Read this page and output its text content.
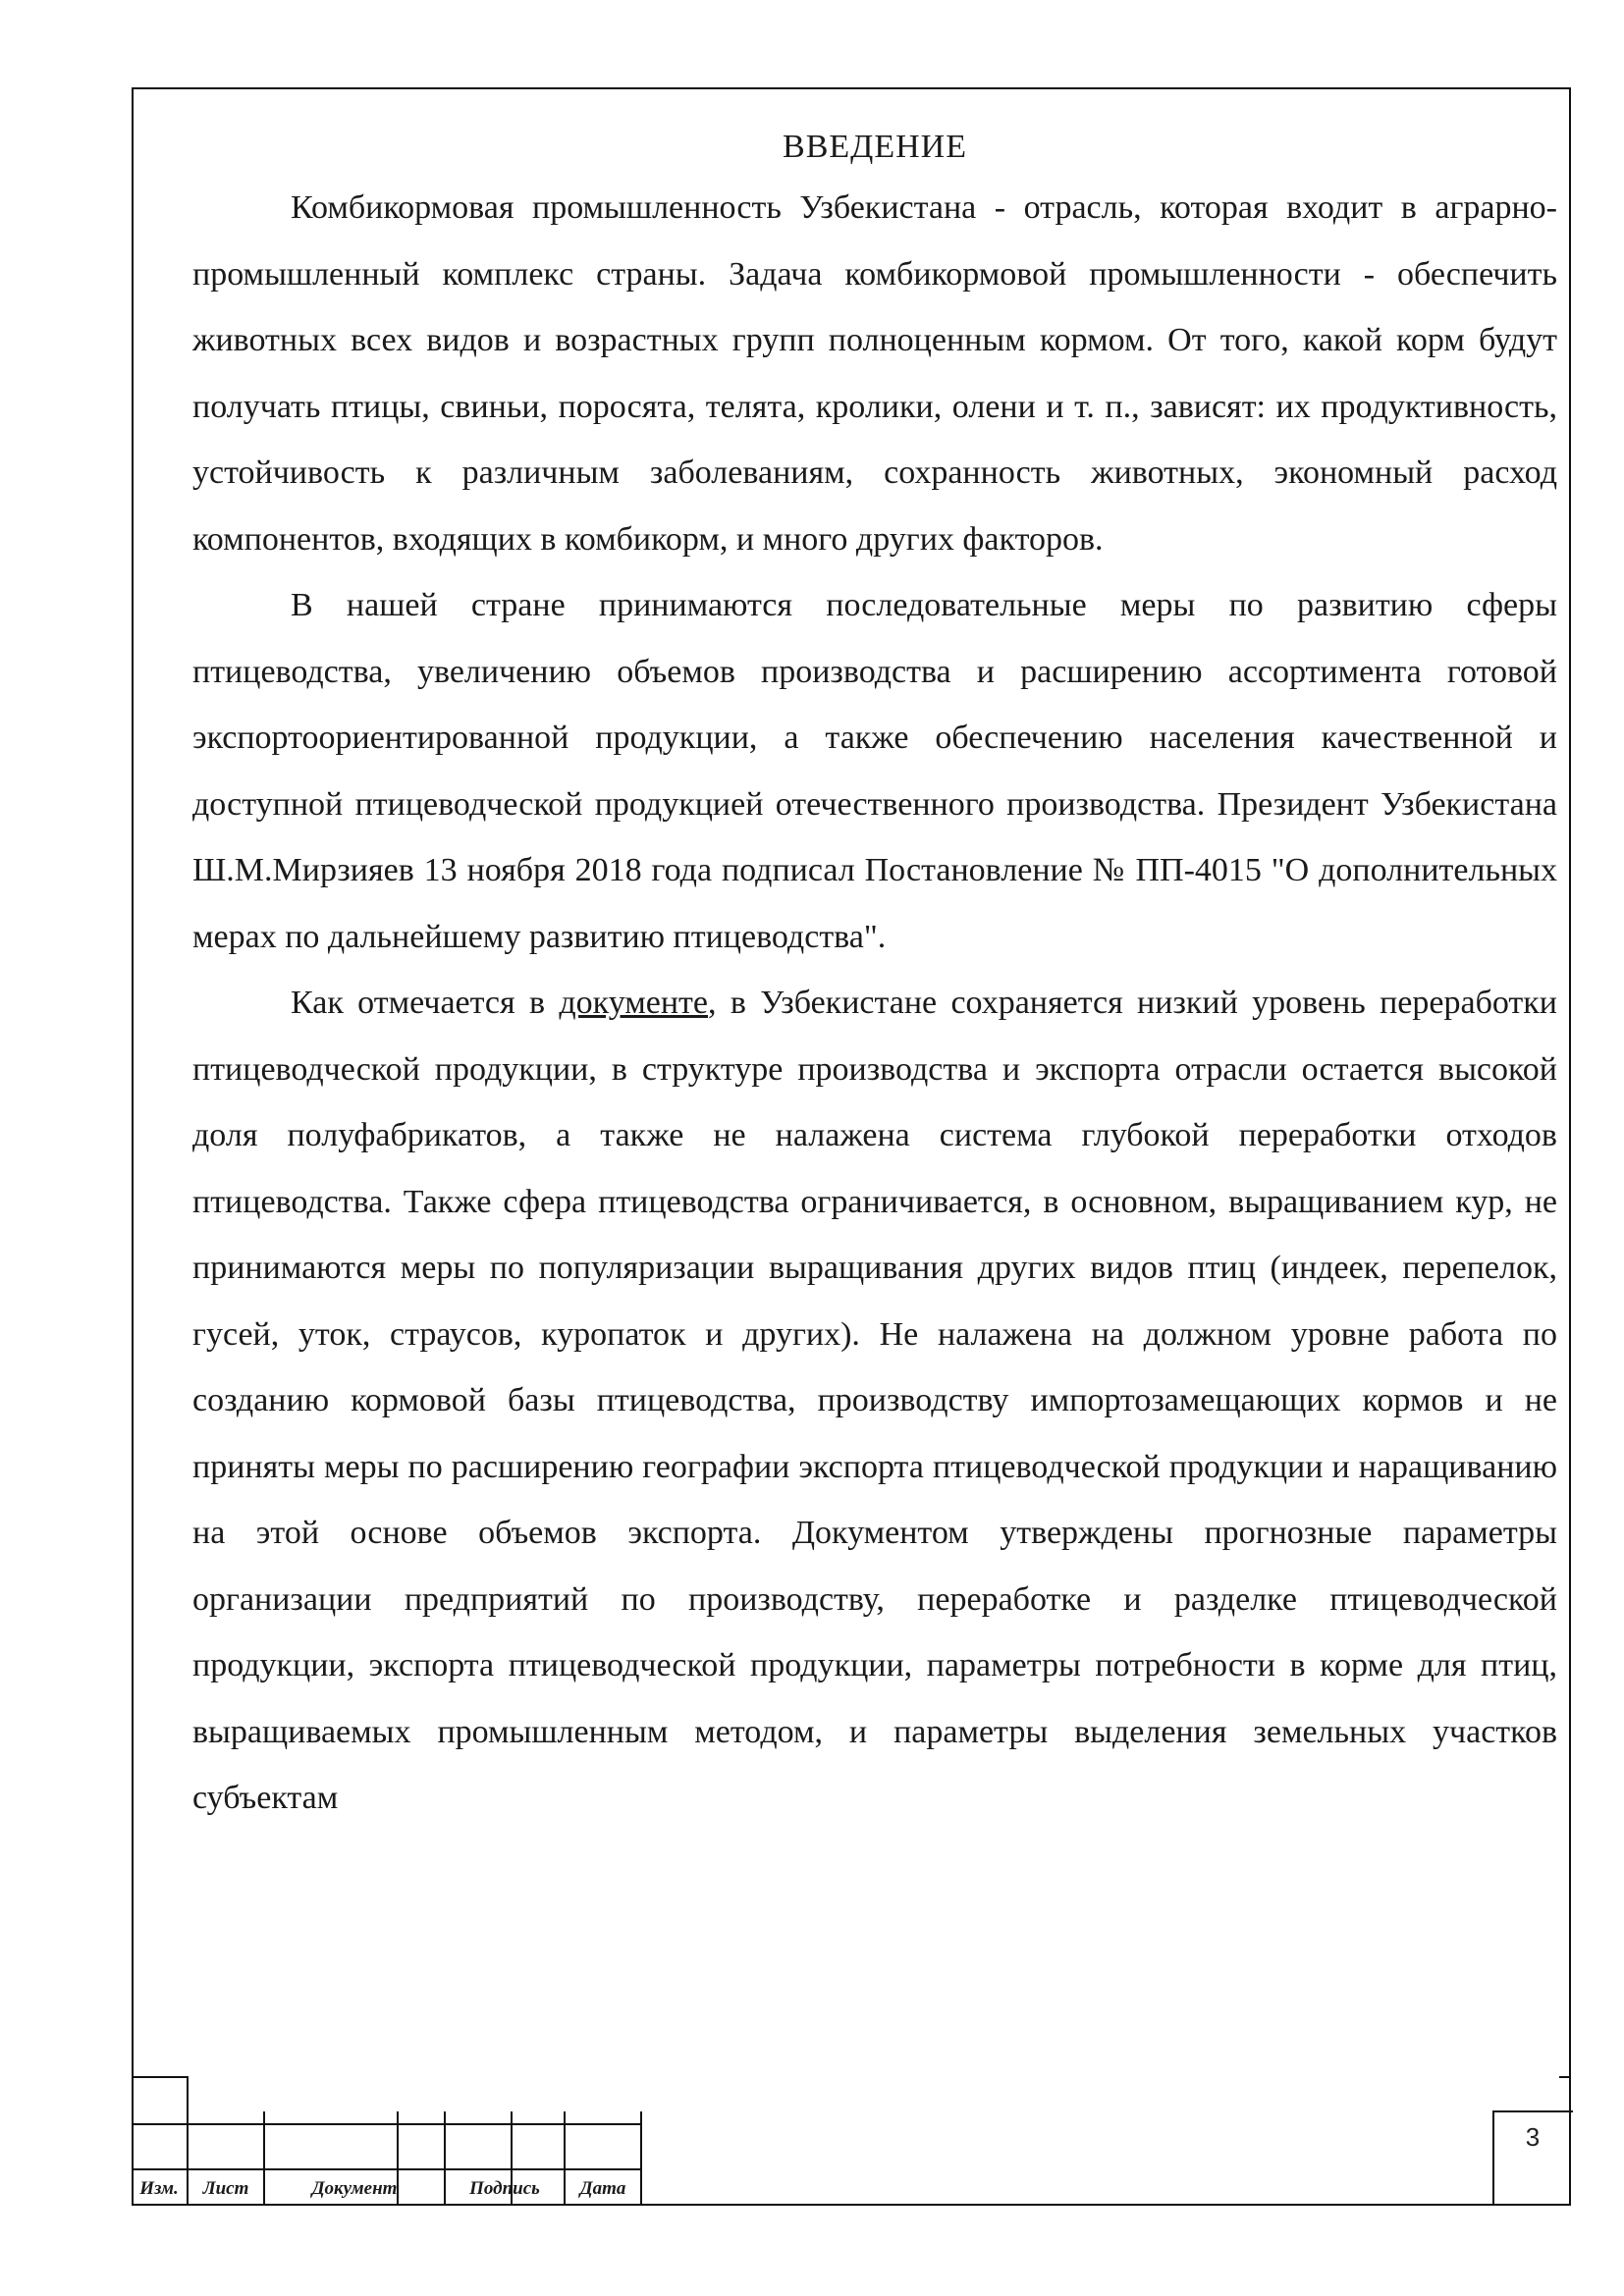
ВВЕДЕНИЕ

Комбикормовая промышленность Узбекистана - отрасль, которая входит в аграрно-промышленный комплекс страны. Задача комбикормовой промышленности - обеспечить животных всех видов и возрастных групп полноценным кормом. От того, какой корм будут получать птицы, свиньи, поросята, телята, кролики, олени и т. п., зависят: их продуктивность, устойчивость к различным заболеваниям, сохранность животных, экономный расход компонентов, входящих в комбикорм, и много других факторов.

В нашей стране принимаются последовательные меры по развитию сферы птицеводства, увеличению объемов производства и расширению ассортимента готовой экспортоориентированной продукции, а также обеспечению населения качественной и доступной птицеводческой продукцией отечественного производства. Президент Узбекистана Ш.М.Мирзияев 13 ноября 2018 года подписал Постановление № ПП-4015 "О дополнительных мерах по дальнейшему развитию птицеводства".

Как отмечается в документе, в Узбекистане сохраняется низкий уровень переработки птицеводческой продукции, в структуре производства и экспорта отрасли остается высокой доля полуфабрикатов, а также не налажена система глубокой переработки отходов птицеводства. Также сфера птицеводства ограничивается, в основном, выращиванием кур, не принимаются меры по популяризации выращивания других видов птиц (индеек, перепелок, гусей, уток, страусов, куропаток и других). Не налажена на должном уровне работа по созданию кормовой базы птицеводства, производству импортозамещающих кормов и не приняты меры по расширению географии экспорта птицеводческой продукции и наращиванию на этой основе объемов экспорта. Документом утверждены прогнозные параметры организации предприятий по производству, переработке и разделке птицеводческой продукции, экспорта птицеводческой продукции, параметры потребности в корме для птиц, выращиваемых промышленным методом, и параметры выделения земельных участков субъектам

Изм.	Лист	Документ	Подпись	Дата
3
